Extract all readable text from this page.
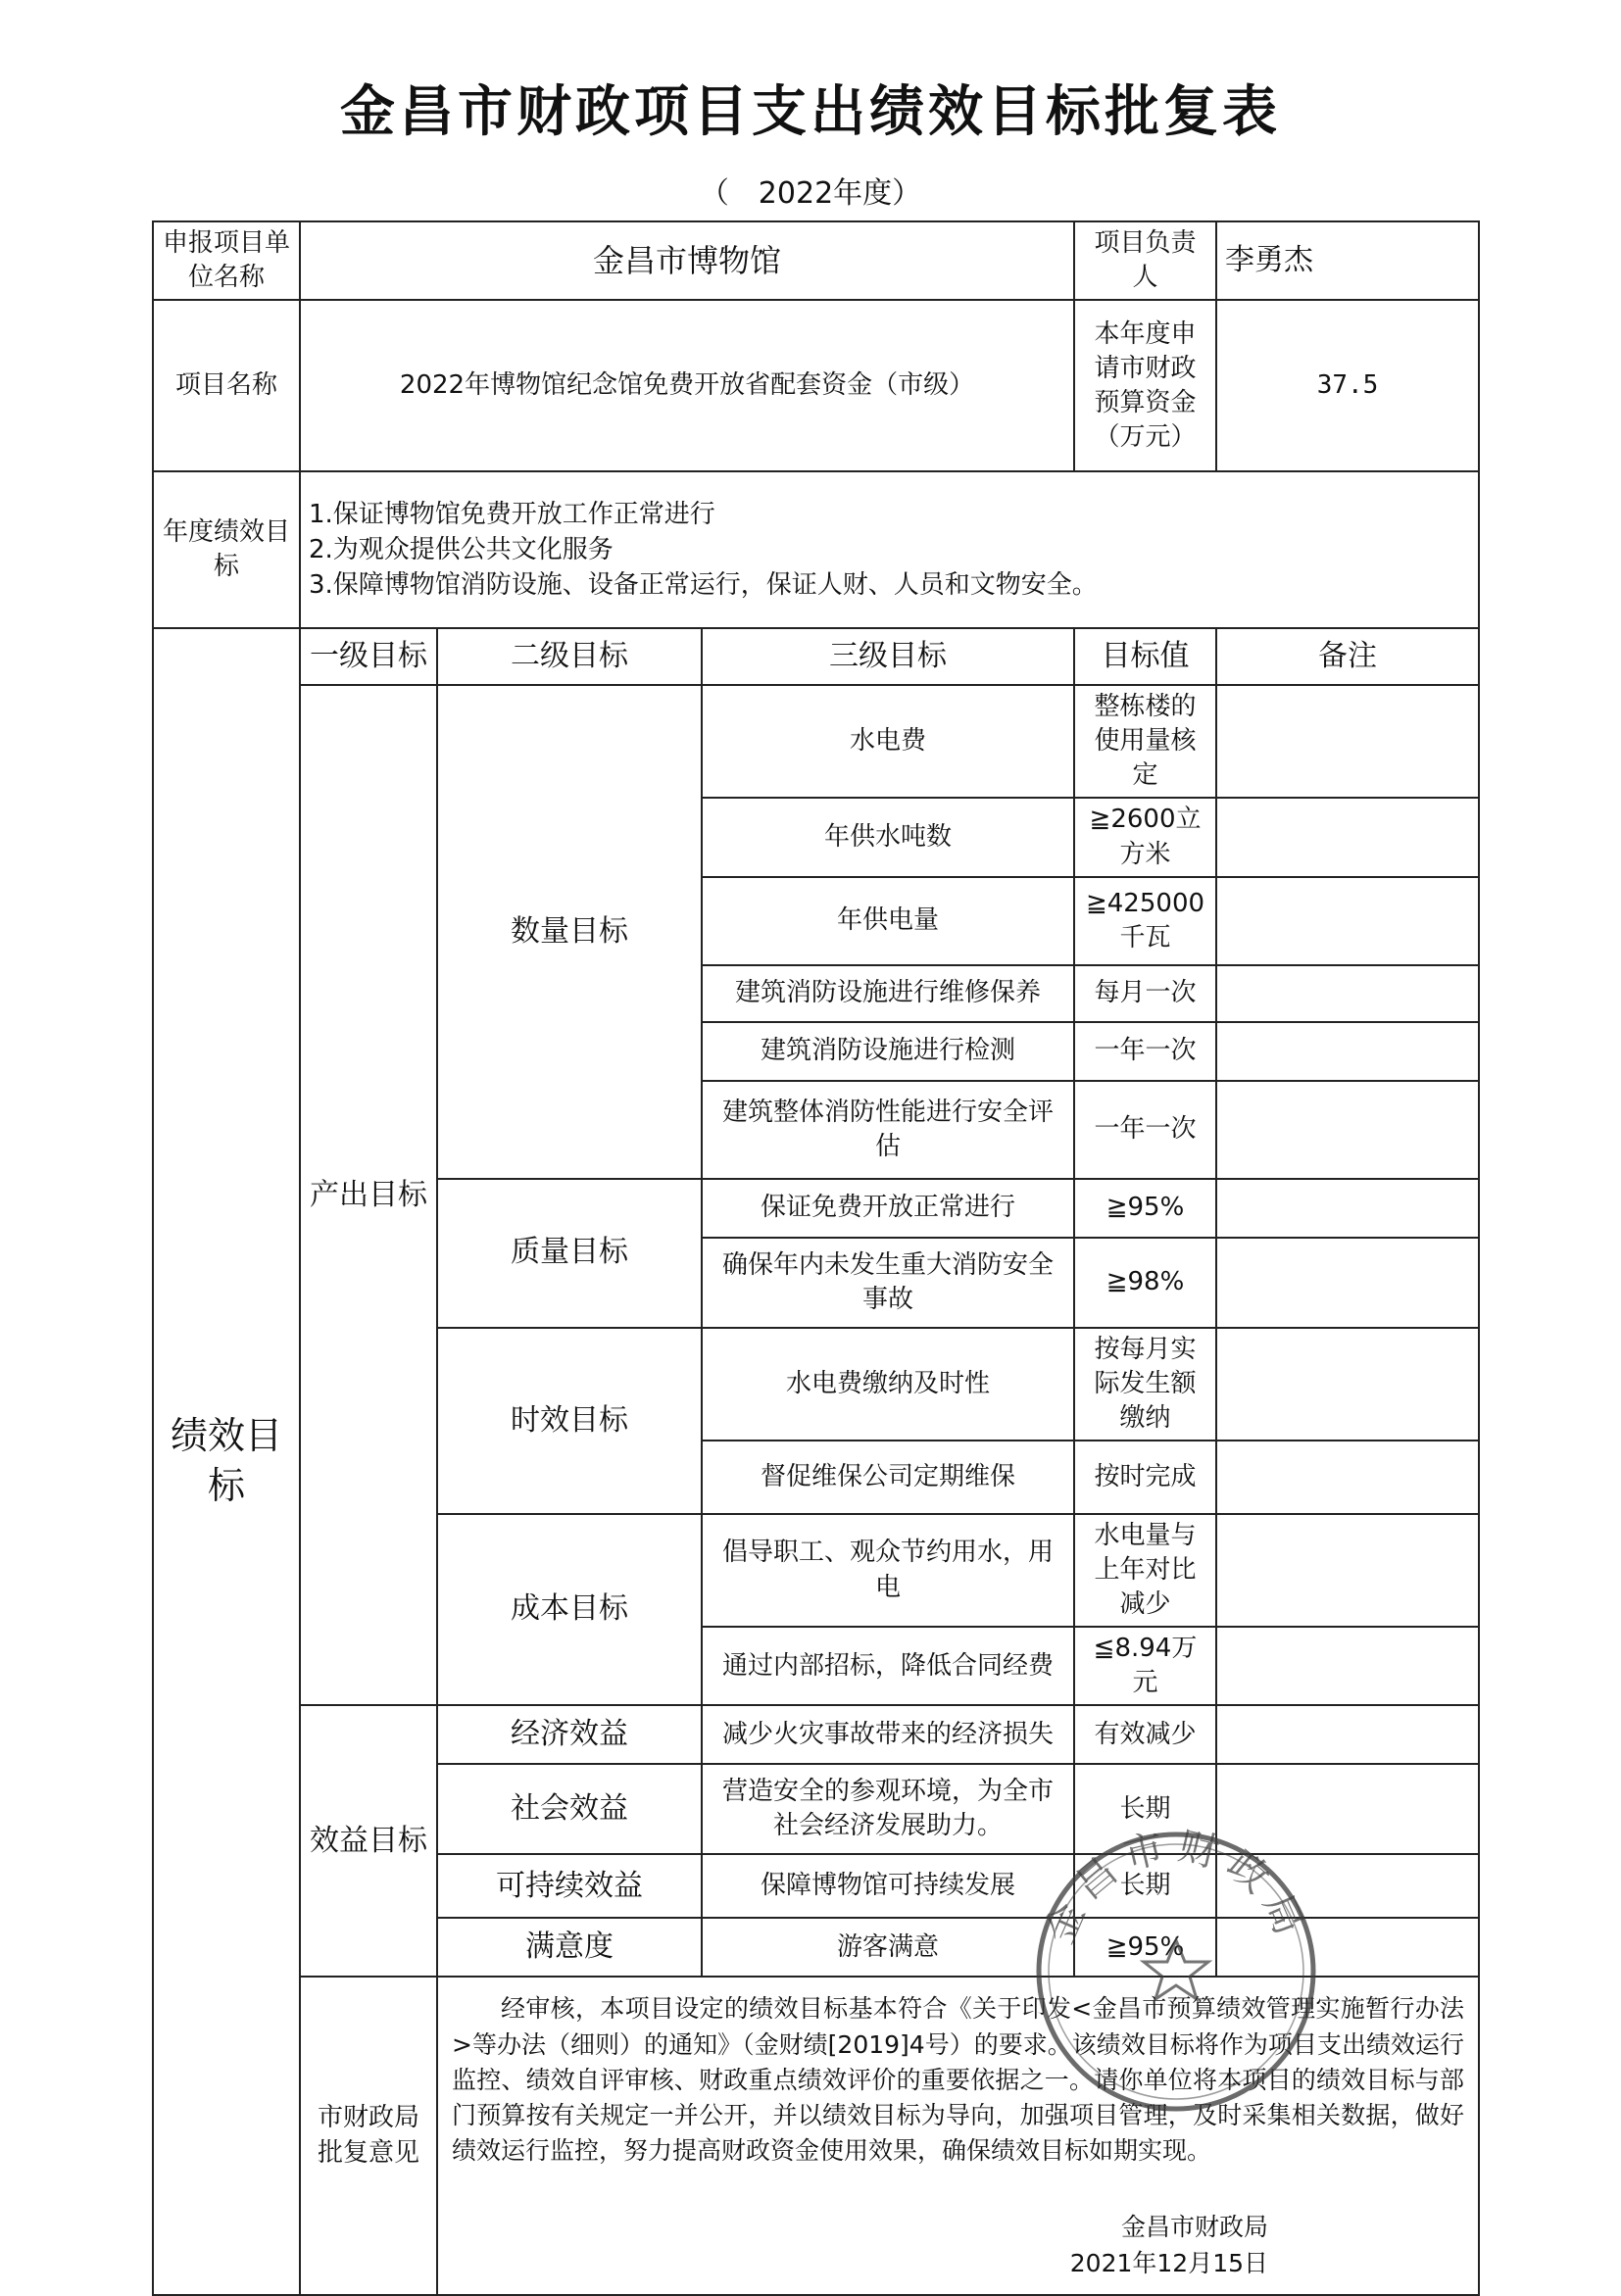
金昌市财政项目支出绩效目标批复表
（　2022年度）
申报项目单位名称	金昌市博物馆			项目负责人	李勇杰
项目名称	2022年博物馆纪念馆免费开放省配套资金（市级）			本年度申请市财政预算资金（万元）	37.5
年度绩效目标	1.保证博物馆免费开放工作正常进行
2.为观众提供公共文化服务
3.保障博物馆消防设施、设备正常运行，保证人财、人员和文物安全。				

绩效目标	一级目标	二级目标	三级目标	目标值	备注
	产出目标	数量目标	水电费	整栋楼的使用量核定	
			年供水吨数	≧2600立方米	
			年供电量	≧425000千瓦	
			建筑消防设施进行维修保养	每月一次	
			建筑消防设施进行检测	一年一次	
			建筑整体消防性能进行安全评估	一年一次	
		质量目标	保证免费开放正常进行	≧95%	
			确保年内未发生重大消防安全事故	≧98%	
		时效目标	水电费缴纳及时性	按每月实际发生额缴纳	
			督促维保公司定期维保	按时完成	
		成本目标	倡导职工、观众节约用水，用电	水电量与上年对比减少	
			通过内部招标，降低合同经费	≦8.94万元	
	效益目标	经济效益	减少火灾事故带来的经济损失	有效减少	
		社会效益	营造安全的参观环境，为全市社会经济发展助力。	长期	
		可持续效益	保障博物馆可持续发展	长期	
		满意度	游客满意	≧95%	
	市财政局批复意见	经审核，本项目设定的绩效目标基本符合《关于印发<金昌市预算绩效管理实施暂行办法>等办法（细则）的通知》（金财绩[2019]4号）的要求。该绩效目标将作为项目支出绩效运行监控、绩效自评审核、财政重点绩效评价的重要依据之一。请你单位将本项目的绩效目标与部门预算按有关规定一并公开，并以绩效目标为导向，加强项目管理，及时采集相关数据，做好绩效运行监控，努力提高财政资金使用效果，确保绩效目标如期实现。

金昌市财政局
2021年12月15日			
金昌市财政局
